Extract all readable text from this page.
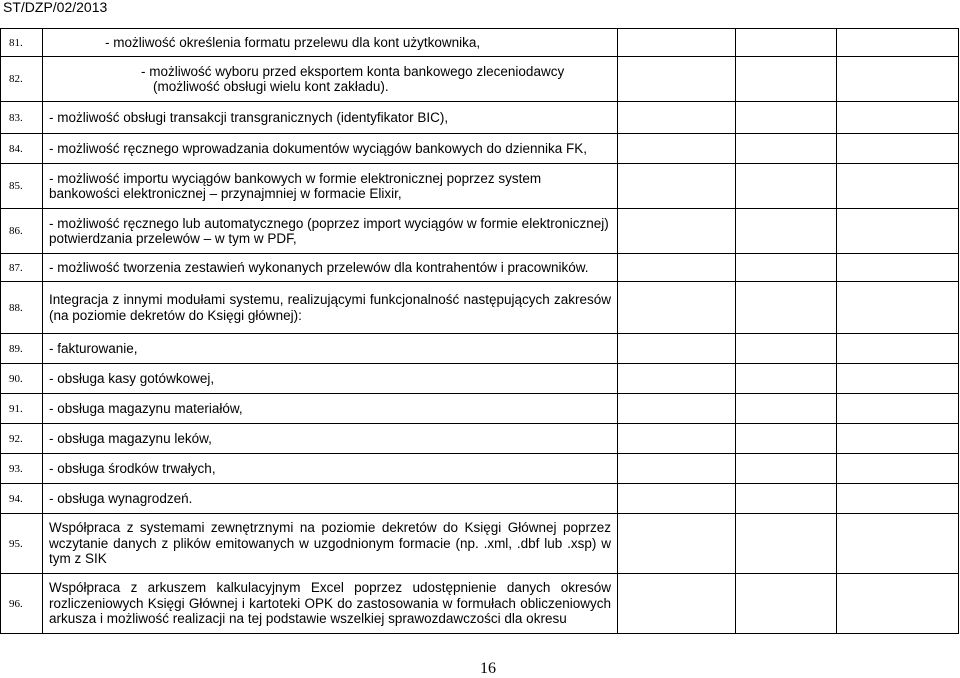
ST/DZP/02/2013
81.	- możliwość określenia formatu przelewu dla kont użytkownika,			
82.	- możliwość wyboru przed eksportem konta bankowego zleceniodawcy (możliwość obsługi wielu kont zakładu).			
83.	- możliwość obsługi transakcji transgranicznych (identyfikator BIC),			
84.	- możliwość ręcznego wprowadzania dokumentów wyciągów bankowych do dziennika FK,			
85.	- możliwość importu wyciągów bankowych w formie elektronicznej poprzez system bankowości elektronicznej – przynajmniej w formacie Elixir,			
86.	- możliwość ręcznego lub automatycznego (poprzez import wyciągów w formie elektronicznej) potwierdzania przelewów – w tym w PDF,			
87.	- możliwość tworzenia zestawień wykonanych przelewów dla kontrahentów i pracowników.			
88.	Integracja z innymi modułami systemu, realizującymi funkcjonalność następujących zakresów (na poziomie dekretów do Księgi głównej):			
89.	- fakturowanie,			
90.	- obsługa kasy gotówkowej,			
91.	- obsługa magazynu materiałów,			
92.	- obsługa magazynu leków,			
93.	- obsługa środków trwałych,			
94.	- obsługa wynagrodzeń.			
95.	Współpraca z systemami zewnętrznymi na poziomie dekretów do Księgi Głównej poprzez wczytanie danych z plików emitowanych w uzgodnionym formacie (np. .xml, .dbf lub .xsp) w tym z SIK			
96.	Współpraca z arkuszem kalkulacyjnym Excel poprzez udostępnienie danych okresów rozliczeniowych Księgi Głównej i kartoteki OPK do zastosowania w formułach obliczeniowych arkusza i możliwość realizacji na tej podstawie wszelkiej sprawozdawczości dla okresu			
16
